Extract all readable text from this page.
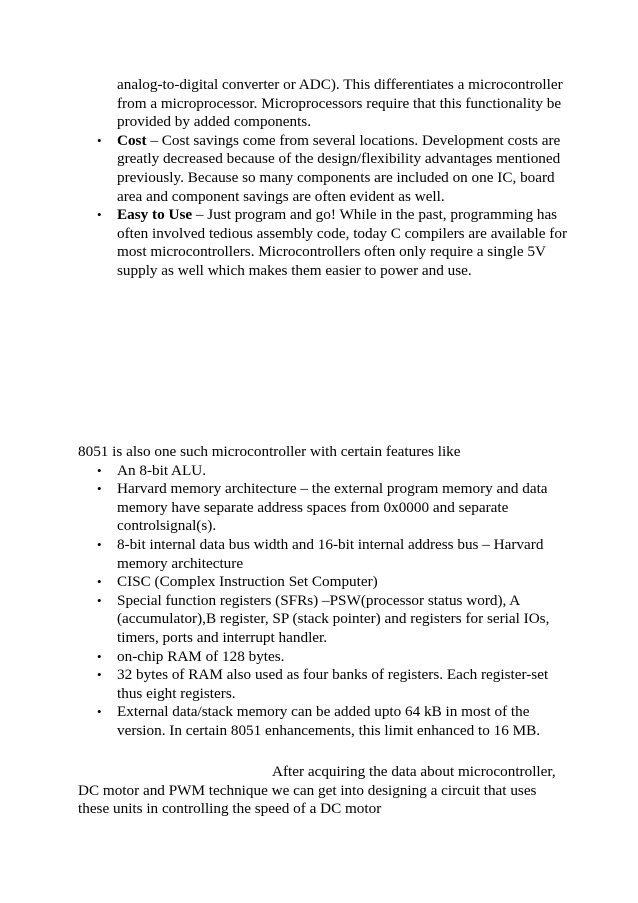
analog-to-digital converter or ADC). This differentiates a microcontroller
from a microprocessor. Microprocessors require that this functionality be
provided by added components.
• Cost – Cost savings come from several locations. Development costs are
greatly decreased because of the design/flexibility advantages mentioned
previously. Because so many components are included on one IC, board
area and component savings are often evident as well.
• Easy to Use – Just program and go! While in the past, programming has
often involved tedious assembly code, today C compilers are available for
most microcontrollers. Microcontrollers often only require a single 5V
supply as well which makes them easier to power and use.
8051 is also one such microcontroller with certain features like
• An 8-bit ALU.
• Harvard memory architecture – the external program memory and data
memory have separate address spaces from 0x0000 and separate
controlsignal(s).
• 8-bit internal data bus width and 16-bit internal address bus – Harvard
memory architecture
• CISC (Complex Instruction Set Computer)
• Special function registers (SFRs) –PSW(processor status word), A
(accumulator),B register, SP (stack pointer) and registers for serial IOs,
timers, ports and interrupt handler.
• on-chip RAM of 128 bytes.
• 32 bytes of RAM also used as four banks of registers. Each register-set
thus eight registers.
• External data/stack memory can be added upto 64 kB in most of the
version. In certain 8051 enhancements, this limit enhanced to 16 MB.
After acquiring the data about microcontroller,
DC motor and PWM technique we can get into designing a circuit that uses
these units in controlling the speed of a DC motor
